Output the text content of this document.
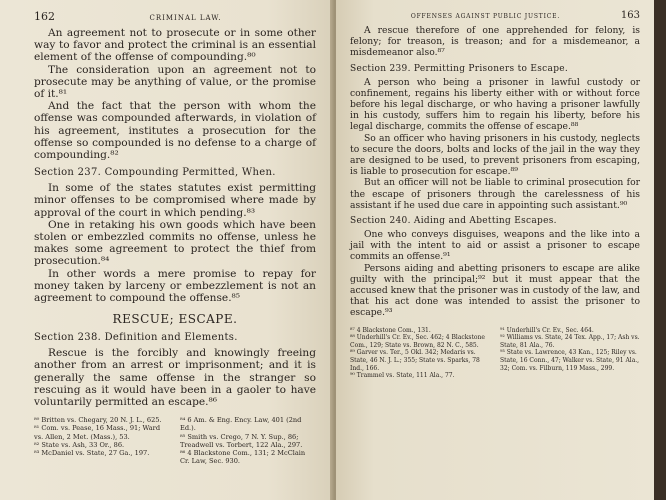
162	CRIMINAL LAW.

An agreement not to prosecute or in some other way to favor and protect the criminal is an essential element of the offense of compounding.⁸⁰

The consideration upon an agreement not to prosecute may be anything of value, or the promise of it.⁸¹

And the fact that the person with whom the offense was compounded afterwards, in violation of his agreement, institutes a prosecution for the offense so compounded is no defense to a charge of compounding.⁸²

Section 237. Compounding Permitted, When.

In some of the states statutes exist permitting minor offenses to be compromised where made by approval of the court in which pending.⁸³

One in retaking his own goods which have been stolen or embezzled commits no offense, unless he makes some agreement to protect the thief from prosecution.⁸⁴

In other words a mere promise to repay for money taken by larceny or embezzlement is not an agreement to compound the offense.⁸⁵

RESCUE; ESCAPE.
Section 238. Definition and Elements.

Rescue is the forcibly and knowingly freeing another from an arrest or imprisonment; and it is generally the same offense in the stranger so rescuing as it would have been in a gaoler to have voluntarily permitted an escape.⁸⁶

⁸⁰ Britten vs. Chegary, 20 N. J. L., 625.
⁸¹ Com. vs. Pease, 16 Mass., 91; Ward vs. Allen, 2 Met. (Mass.), 53.
⁸² State vs. Ash, 33 Or., 86.
⁸³ McDaniel vs. State, 27 Ga., 197.
⁸⁴ 6 Am. & Eng. Ency. Law, 401 (2nd Ed.).
⁸⁵ Smith vs. Crego, 7 N. Y. Sup., 86; Treadwell vs. Torbert, 122 Ala., 297.
⁸⁶ 4 Blackstone Com., 131; 2 McClain Cr. Law, Sec. 930.
OFFENSES AGAINST PUBLIC JUSTICE.	163

A rescue therefore of one apprehended for felony, is felony; for treason, is treason; and for a misdemeanor, a misdemeanor also.⁸⁷

Section 239. Permitting Prisoners to Escape.

A person who being a prisoner in lawful custody or confinement, regains his liberty either with or without force before his legal discharge, or who having a prisoner lawfully in his custody, suffers him to regain his liberty, before his legal discharge, commits the offense of escape.⁸⁸

So an officer who having prisoners in his custody, neglects to secure the doors, bolts and locks of the jail in the way they are designed to be used, to prevent prisoners from escaping, is liable to prosecution for escape.⁸⁹

But an officer will not be liable to criminal prosecution for the escape of prisoners through the carelessness of his assistant if he used due care in appointing such assistant.⁹⁰

Section 240. Aiding and Abetting Escapes.

One who conveys disguises, weapons and the like into a jail with the intent to aid or assist a prisoner to escape commits an offense.⁹¹

Persons aiding and abetting prisoners to escape are alike guilty with the principal;⁹² but it must appear that the accused knew that the prisoner was in custody of the law, and that his act done was intended to assist the prisoner to escape.⁹³

⁸⁷ 4 Blackstone Com., 131.
⁸⁸ Underhill's Cr. Ev., Sec. 462; 4 Blackstone Com., 129; State vs. Brown, 82 N. C., 585.
⁸⁹ Garver vs. Ter., 5 Okl. 342; Medaris vs. State, 46 N. J. L.; 355; State vs. Sparks, 78 Ind., 166.
⁹⁰ Trammel vs. State, 111 Ala., 77.
⁹¹ Underhill's Cr. Ev., Sec. 464.
⁹² Williams vs. State, 24 Tex. App., 17; Ash vs. State, 81 Ala., 76.
⁹³ State vs. Lawrence, 43 Kan., 125; Riley vs. State, 16 Conn., 47; Walker vs. State, 91 Ala., 32; Com. vs. Filburn, 119 Mass., 299.
